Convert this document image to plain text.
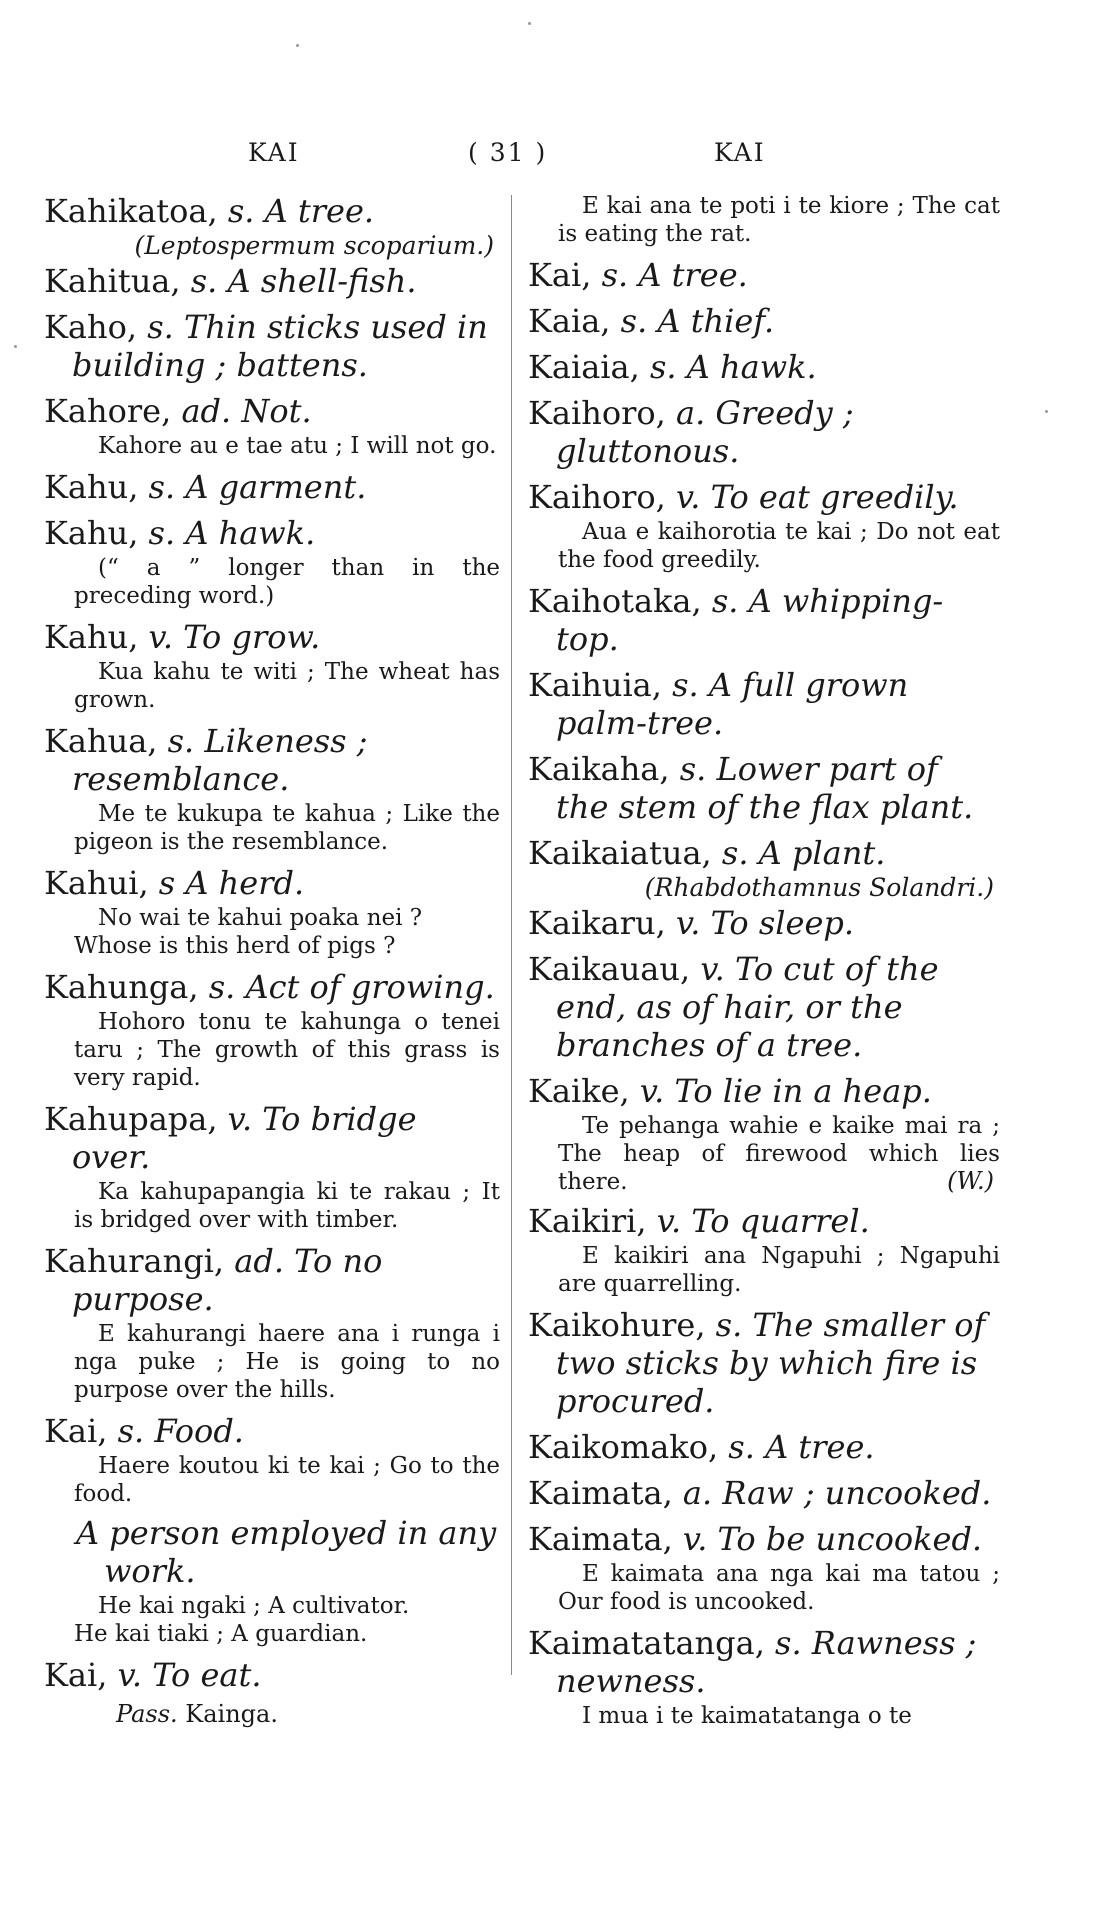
KAI	( 31 )	KAI

Kahikatoa, s. A tree.

(Leptospermum scoparium.)

Kahitua, s. A shell-fish.

Kaho, s. Thin sticks used in building ; battens.

Kahore, ad. Not.

Kahore au e tae atu ; I will not go.

Kahu, s. A garment.

Kahu, s. A hawk.

(“ a ” longer than in the preceding word.)

Kahu, v. To grow.

Kua kahu te witi ; The wheat has grown.

Kahua, s. Likeness ; resemblance.

Me te kukupa te kahua ; Like the pigeon is the resemblance.

Kahui, s A herd.

No wai te kahui poaka nei ?

Whose is this herd of pigs ?

Kahunga, s. Act of growing.

Hohoro tonu te kahunga o tenei taru ; The growth of this grass is very rapid.

Kahupapa, v. To bridge over.

Ka kahupapangia ki te rakau ; It is bridged over with timber.

Kahurangi, ad. To no purpose.

E kahurangi haere ana i runga i nga puke ; He is going to no purpose over the hills.

Kai, s. Food.

Haere koutou ki te kai ; Go to the food.

A person employed in any work.

He kai ngaki ; A cultivator.

He kai tiaki ; A guardian.

Kai, v. To eat.

Pass. Kainga.

E kai ana te poti i te kiore ; The cat is eating the rat.

Kai, s. A tree.

Kaia, s. A thief.

Kaiaia, s. A hawk.

Kaihoro, a. Greedy ; gluttonous.

Kaihoro, v. To eat greedily.

Aua e kaihorotia te kai ; Do not eat the food greedily.

Kaihotaka, s. A whipping-top.

Kaihuia, s. A full grown palm-tree.

Kaikaha, s. Lower part of the stem of the flax plant.

Kaikaiatua, s. A plant.

(Rhabdothamnus Solandri.)

Kaikaru, v. To sleep.

Kaikauau, v. To cut of the end, as of hair, or the branches of a tree.

Kaike, v. To lie in a heap.

Te pehanga wahie e kaike mai ra ; The heap of firewood which lies there.	(W.)

Kaikiri, v. To quarrel.

E kaikiri ana Ngapuhi ; Ngapuhi are quarrelling.

Kaikohure, s. The smaller of two sticks by which fire is procured.

Kaikomako, s. A tree.

Kaimata, a. Raw ; uncooked.

Kaimata, v. To be uncooked.

E kaimata ana nga kai ma tatou ; Our food is uncooked.

Kaimatatanga, s. Rawness ; newness.

I mua i te kaimatatanga o te
